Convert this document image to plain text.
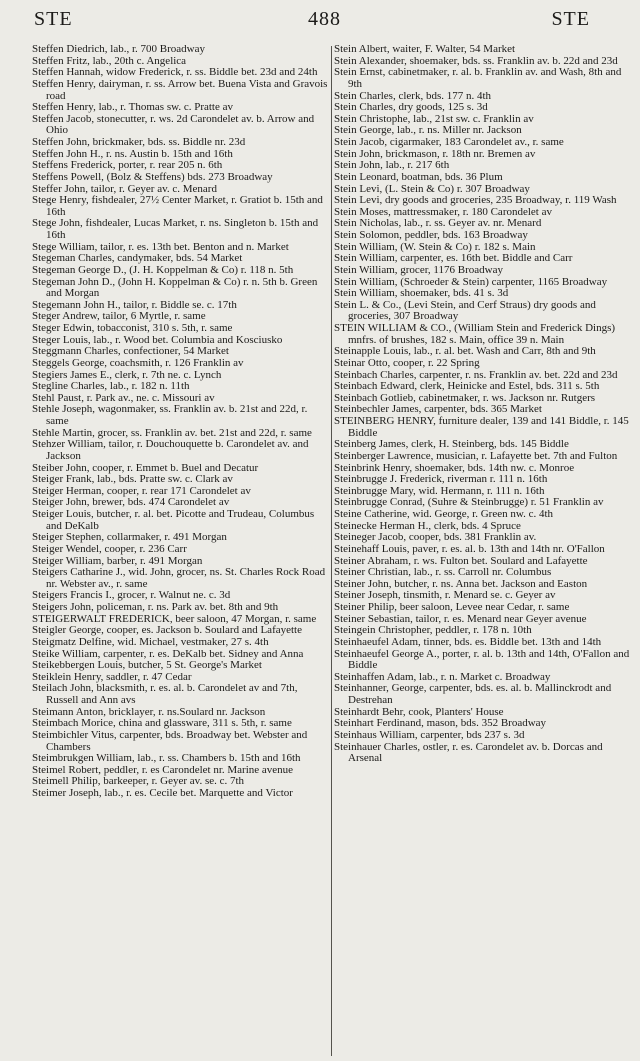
STE	488	STE

Steffen Diedrich, lab., r. 700 Broadway

Steffen Fritz, lab., 20th c. Angelica

Steffen Hannah, widow Frederick, r. ss. Biddle bet. 23d and 24th

Steffen Henry, dairyman, r. ss. Arrow bet. Buena Vista and Gravois road

Steffen Henry, lab., r. Thomas sw. c. Pratte av

Steffen Jacob, stonecutter, r. ws. 2d Carondelet av. b. Arrow and Ohio

Steffen John, brickmaker, bds. ss. Biddle nr. 23d

Steffen John H., r. ns. Austin b. 15th and 16th

Steffens Frederick, porter, r. rear 205 n. 6th

Steffens Powell, (Bolz & Steffens) bds. 273 Broadway

Steffer John, tailor, r. Geyer av. c. Menard

Stege Henry, fishdealer, 27½ Center Market, r. Gratiot b. 15th and 16th

Stege John, fishdealer, Lucas Market, r. ns. Singleton b. 15th and 16th

Stege William, tailor, r. es. 13th bet. Benton and n. Market

Stegeman Charles, candymaker, bds. 54 Market

Stegeman George D., (J. H. Koppelman & Co) r. 118 n. 5th

Stegeman John D., (John H. Koppelman & Co) r. n. 5th b. Green and Morgan

Stegemann John H., tailor, r. Biddle se. c. 17th

Steger Andrew, tailor, 6 Myrtle, r. same

Steger Edwin, tobacconist, 310 s. 5th, r. same

Steger Louis, lab., r. Wood bet. Columbia and Kosciusko

Steggmann Charles, confectioner, 54 Market

Steggels George, coachsmith, r. 126 Franklin av

Stegiers James E., clerk, r. 7th ne. c. Lynch

Stegline Charles, lab., r. 182 n. 11th

Stehl Paust, r. Park av., ne. c. Missouri av

Stehle Joseph, wagonmaker, ss. Franklin av. b. 21st and 22d, r. same

Stehle Martin, grocer, ss. Franklin av. bet. 21st and 22d, r. same

Stehzer William, tailor, r. Douchouquette b. Carondelet av. and Jackson

Steiber John, cooper, r. Emmet b. Buel and Decatur

Steiger Frank, lab., bds. Pratte sw. c. Clark av

Steiger Herman, cooper, r. rear 171 Carondelet av

Steiger John, brewer, bds. 474 Carondelet av

Steiger Louis, butcher, r. al. bet. Picotte and Trudeau, Columbus and DeKalb

Steiger Stephen, collarmaker, r. 491 Morgan

Steiger Wendel, cooper, r. 236 Carr

Steiger William, barber, r. 491 Morgan

Steigers Catharine J., wid. John, grocer, ns. St. Charles Rock Road nr. Webster av., r. same

Steigers Francis I., grocer, r. Walnut ne. c. 3d

Steigers John, policeman, r. ns. Park av. bet. 8th and 9th

STEIGERWALT FREDERICK, beer saloon, 47 Morgan, r. same

Steigler George, cooper, es. Jackson b. Soulard and Lafayette

Steigmatz Delfine, wid. Michael, vestmaker, 27 s. 4th

Steike William, carpenter, r. es. DeKalb bet. Sidney and Anna

Steikebbergen Louis, butcher, 5 St. George's Market

Steiklein Henry, saddler, r. 47 Cedar

Steilach John, blacksmith, r. es. al. b. Carondelet av and 7th, Russell and Ann avs

Steimann Anton, bricklayer, r. ns.Soulard nr. Jackson

Steimbach Morice, china and glassware, 311 s. 5th, r. same

Steimbichler Vitus, carpenter, bds. Broadway bet. Webster and Chambers

Steimbrukgen William, lab., r. ss. Chambers b. 15th and 16th

Steimel Robert, peddler, r. es Carondelet nr. Marine avenue

Steimell Philip, barkeeper, r. Geyer av. se. c. 7th

Steimer Joseph, lab., r. es. Cecile bet. Marquette and Victor

Stein Albert, waiter, F. Walter, 54 Market

Stein Alexander, shoemaker, bds. ss. Franklin av. b. 22d and 23d

Stein Ernst, cabinetmaker, r. al. b. Franklin av. and Wash, 8th and 9th

Stein Charles, clerk, bds. 177 n. 4th

Stein Charles, dry goods, 125 s. 3d

Stein Christophe, lab., 21st sw. c. Franklin av

Stein George, lab., r. ns. Miller nr. Jackson

Stein Jacob, cigarmaker, 183 Carondelet av., r. same

Stein John, brickmason, r. 18th nr. Bremen av

Stein John, lab., r. 217 6th

Stein Leonard, boatman, bds. 36 Plum

Stein Levi, (L. Stein & Co) r. 307 Broadway

Stein Levi, dry goods and groceries, 235 Broadway, r. 119 Wash

Stein Moses, mattressmaker, r. 180 Carondelet av

Stein Nicholas, lab., r. ss. Geyer av. nr. Menard

Stein Solomon, peddler, bds. 163 Broadway

Stein William, (W. Stein & Co) r. 182 s. Main

Stein William, carpenter, es. 16th bet. Biddle and Carr

Stein William, grocer, 1176 Broadway

Stein William, (Schroeder & Stein) carpenter, 1165 Broadway

Stein William, shoemaker, bds. 41 s. 3d

Stein L. & Co., (Levi Stein, and Cerf Straus) dry goods and groceries, 307 Broadway

STEIN WILLIAM & CO., (William Stein and Frederick Dings) mnfrs. of brushes, 182 s. Main, office 39 n. Main

Steinapple Louis, lab., r. al. bet. Wash and Carr, 8th and 9th

Steinar Otto, cooper, r. 22 Spring

Steinbach Charles, carpenter, r. ns. Franklin av. bet. 22d and 23d

Steinbach Edward, clerk, Heinicke and Estel, bds. 311 s. 5th

Steinbach Gotlieb, cabinetmaker, r. ws. Jackson nr. Rutgers

Steinbechler James, carpenter, bds. 365 Market

STEINBERG HENRY, furniture dealer, 139 and 141 Biddle, r. 145 Biddle

Steinberg James, clerk, H. Steinberg, bds. 145 Biddle

Steinberger Lawrence, musician, r. Lafayette bet. 7th and Fulton

Steinbrink Henry, shoemaker, bds. 14th nw. c. Monroe

Steinbrugge J. Frederick, riverman r. 111 n. 16th

Steinbrugge Mary, wid. Hermann, r. 111 n. 16th

Steinbrugge Conrad, (Suhre & Steinbrugge) r. 51 Franklin av

Steine Catherine, wid. George, r. Green nw. c. 4th

Steinecke Herman H., clerk, bds. 4 Spruce

Steineger Jacob, cooper, bds. 381 Franklin av.

Steinehaff Louis, paver, r. es. al. b. 13th and 14th nr. O'Fallon

Steiner Abraham, r. ws. Fulton bet. Soulard and Lafayette

Steiner Christian, lab., r. ss. Carroll nr. Columbus

Steiner John, butcher, r. ns. Anna bet. Jackson and Easton

Steiner Joseph, tinsmith, r. Menard se. c. Geyer av

Steiner Philip, beer saloon, Levee near Cedar, r. same

Steiner Sebastian, tailor, r. es. Menard near Geyer avenue

Steingein Christopher, peddler, r. 178 n. 10th

Steinhaeufel Adam, tinner, bds. es. Biddle bet. 13th and 14th

Steinhaeufel George A., porter, r. al. b. 13th and 14th, O'Fallon and Biddle

Steinhaffen Adam, lab., r. n. Market c. Broadway

Steinhanner, George, carpenter, bds. es. al. b. Mallinckrodt and Destrehan

Steinhardt Behr, cook, Planters' House

Steinhart Ferdinand, mason, bds. 352 Broadway

Steinhaus William, carpenter, bds 237 s. 3d

Steinhauer Charles, ostler, r. es. Carondelet av. b. Dorcas and Arsenal
